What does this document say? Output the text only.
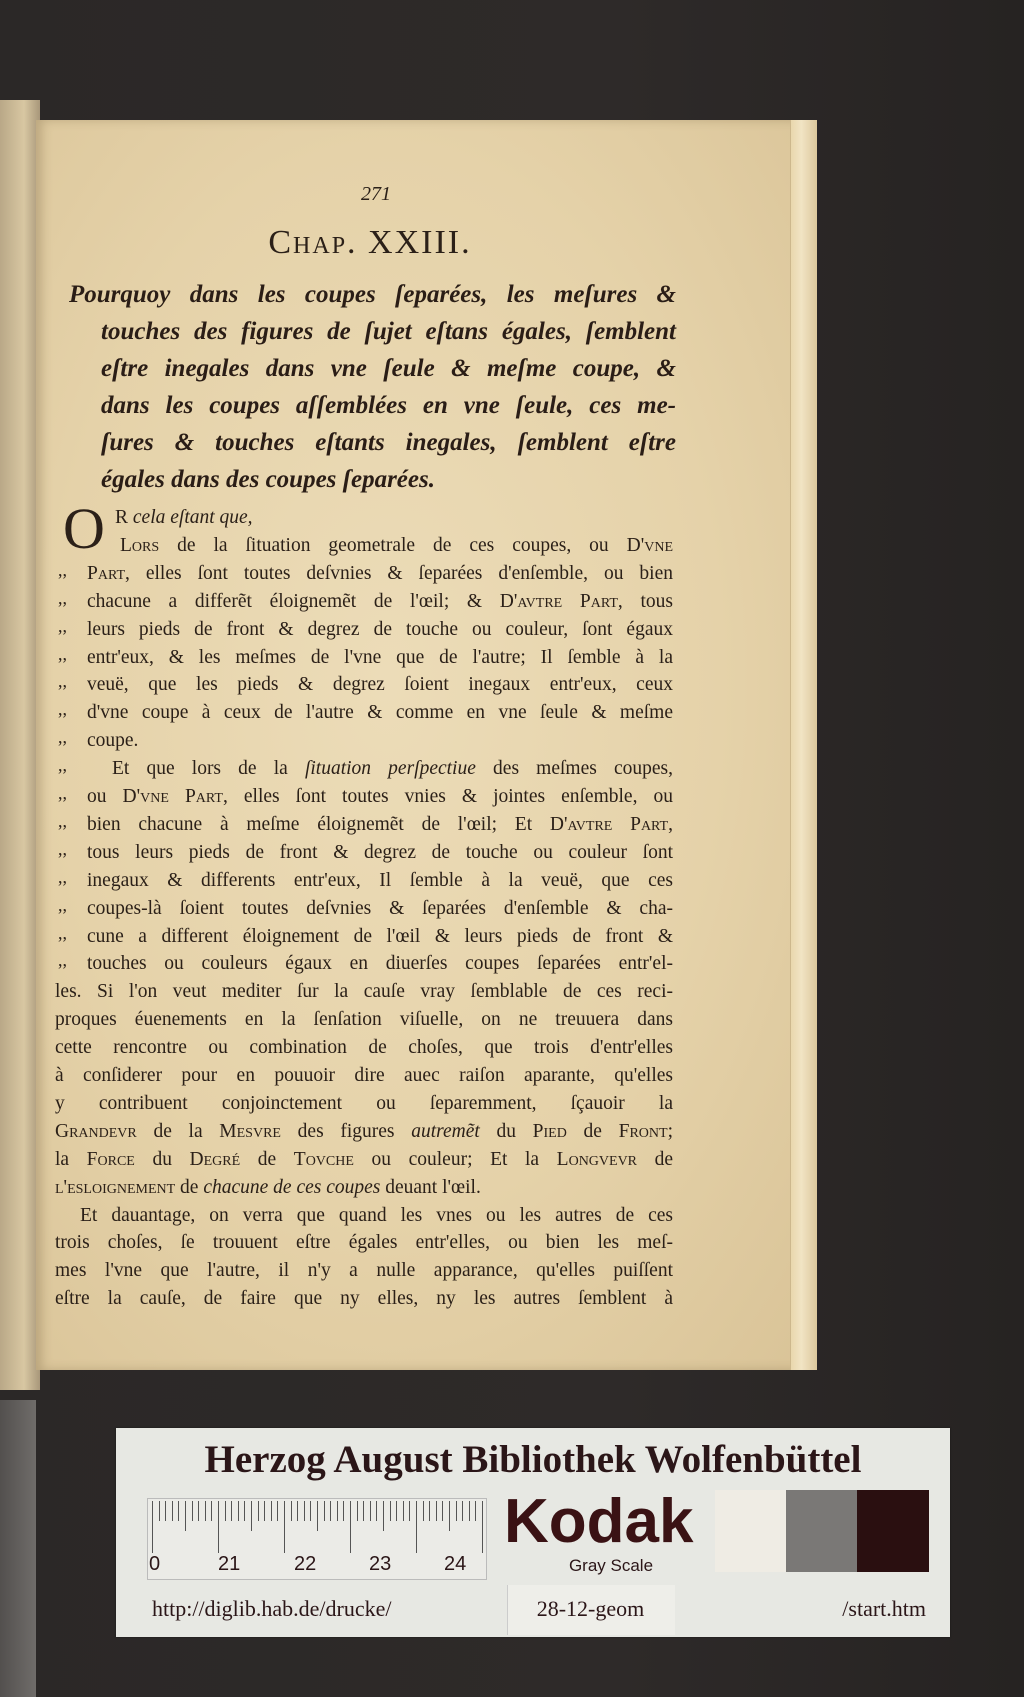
271
Chap. XXIII.
Pourquoy dans les coupes ſeparées, les meſures &
touches des figures de ſujet eſtans égales, ſemblent
eſtre inegales dans vne ſeule & meſme coupe, &
dans les coupes aſſemblées en vne ſeule, ces me-
ſures & touches eſtants inegales, ſemblent eſtre
égales dans des coupes ſeparées.
O R cela eſtant que,
Lors de la ſituation geometrale de ces coupes, ou D'vne
Part, elles ſont toutes deſvnies & ſeparées d'enſemble, ou bien
,,
chacune a differẽt éloignemẽt de l'œil; & D'avtre Part, tous
,,
leurs pieds de front & degrez de touche ou couleur, ſont égaux
,,
entr'eux, & les meſmes de l'vne que de l'autre; Il ſemble à la
,,
veuë, que les pieds & degrez ſoient inegaux entr'eux, ceux
,,
d'vne coupe à ceux de l'autre & comme en vne ſeule & meſme
,,
coupe.
,,
Et que lors de la ſituation perſpectiue des meſmes coupes,
,,
ou D'vne Part, elles ſont toutes vnies & jointes enſemble, ou
,,
bien chacune à meſme éloignemẽt de l'œil; Et D'avtre Part,
,,
tous leurs pieds de front & degrez de touche ou couleur ſont
,,
inegaux & differents entr'eux, Il ſemble à la veuë, que ces
,,
coupes-là ſoient toutes deſvnies & ſeparées d'enſemble & cha-
,,
cune a different éloignement de l'œil & leurs pieds de front &
,,
touches ou couleurs égaux en diuerſes coupes ſeparées entr'el-
,,
les. Si l'on veut mediter ſur la cauſe vray ſemblable de ces reci-
proques éuenements en la ſenſation viſuelle, on ne treuuera dans
cette rencontre ou combination de choſes, que trois d'entr'elles
à conſiderer pour en pouuoir dire auec raiſon aparante, qu'elles
y contribuent conjoinctement ou ſeparemment, ſçauoir la
Grandevr de la Mesvre des figures autremẽt du Pied de Front;
la Force du Degré de Tovche ou couleur; Et la Longvevr de
l'esloignement de chacune de ces coupes deuant l'œil.
Et dauantage, on verra que quand les vnes ou les autres de ces
trois choſes, ſe trouuent eſtre égales entr'elles, ou bien les meſ-
mes l'vne que l'autre, il n'y a nulle apparance, qu'elles puiſſent
eſtre la cauſe, de faire que ny elles, ny les autres ſemblent à
Herzog August Bibliothek Wolfenbüttel
0	21	22	23	24
Kodak
Gray Scale
http://diglib.hab.de/drucke/	28-12-geom	/start.htm
